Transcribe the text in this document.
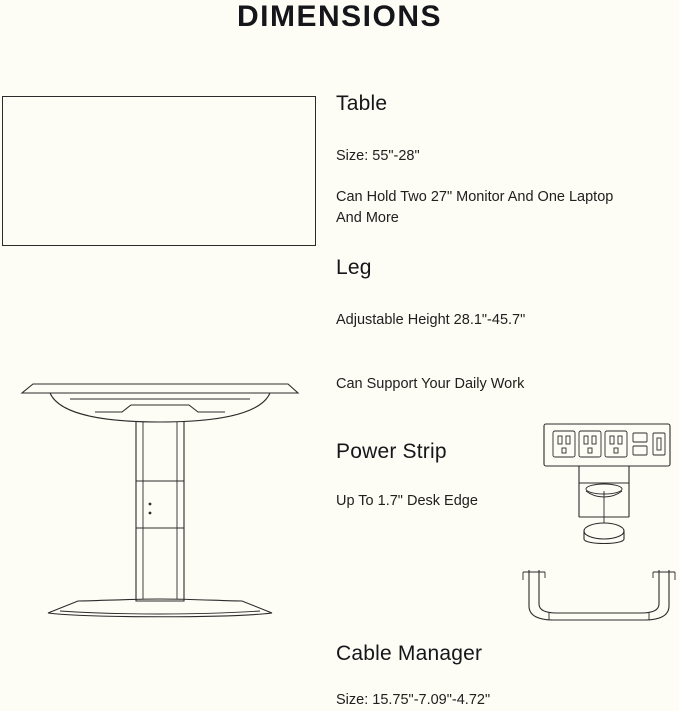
DIMENSIONS
Table
Size: 55"-28"
Can Hold Two 27" Monitor And One Laptop And More
Leg
Adjustable Height 28.1"-45.7"
Can Support Your Daily Work
Power Strip
Up To 1.7" Desk Edge
Cable Manager
Size: 15.75"-7.09"-4.72"
